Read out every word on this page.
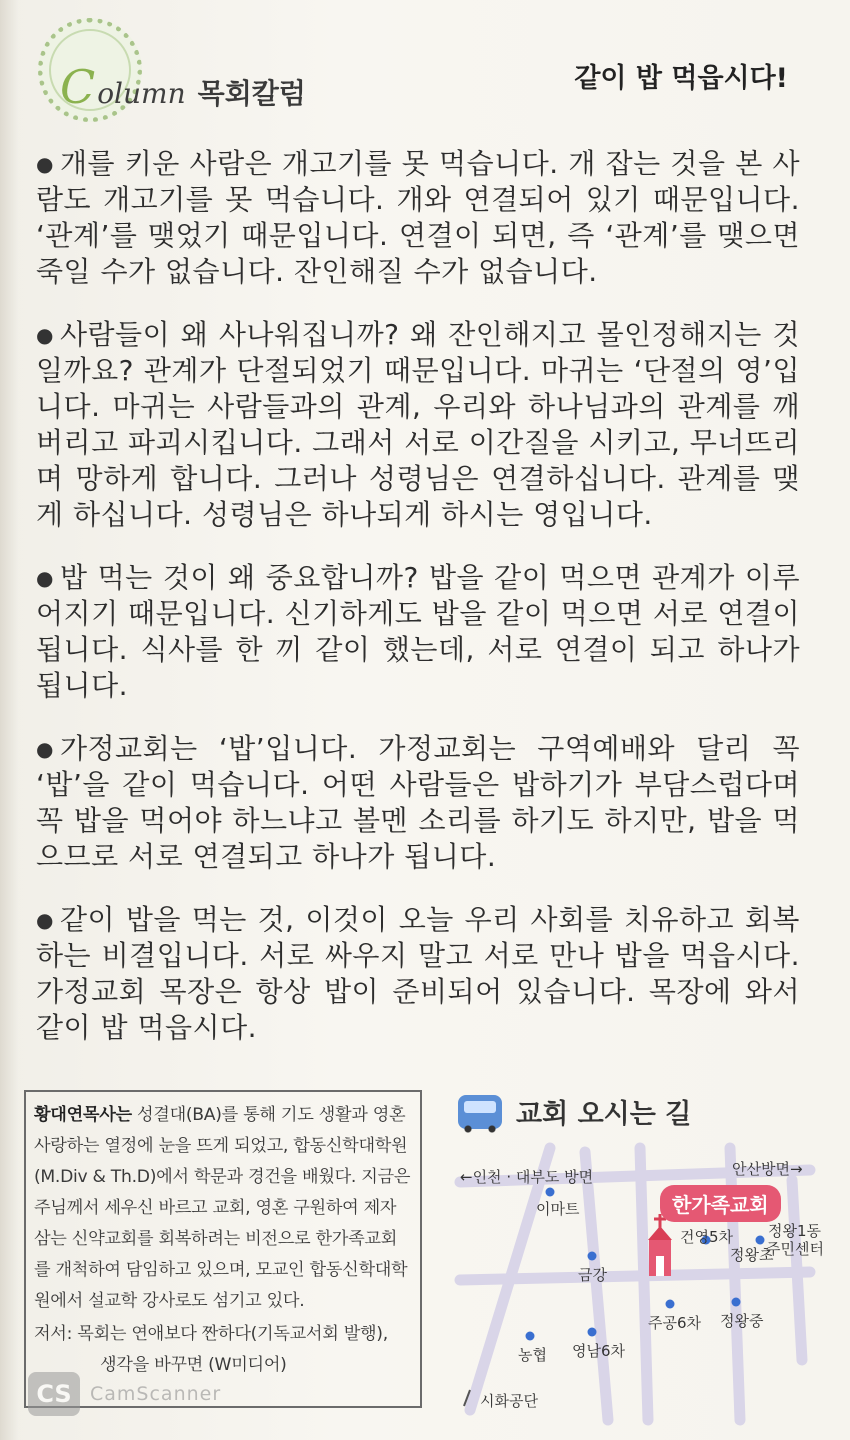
C olumn 목회칼럼	같이 밥 먹읍시다!

● 개를 키운 사람은 개고기를 못 먹습니다. 개 잡는 것을 본 사람도 개고기를 못 먹습니다. 개와 연결되어 있기 때문입니다. ‘관계’를 맺었기 때문입니다. 연결이 되면, 즉 ‘관계’를 맺으면 죽일 수가 없습니다. 잔인해질 수가 없습니다.

● 사람들이 왜 사나워집니까? 왜 잔인해지고 몰인정해지는 것일까요? 관계가 단절되었기 때문입니다. 마귀는 ‘단절의 영’입니다. 마귀는 사람들과의 관계, 우리와 하나님과의 관계를 깨버리고 파괴시킵니다. 그래서 서로 이간질을 시키고, 무너뜨리며 망하게 합니다. 그러나 성령님은 연결하십니다. 관계를 맺게 하십니다. 성령님은 하나되게 하시는 영입니다.

● 밥 먹는 것이 왜 중요합니까? 밥을 같이 먹으면 관계가 이루어지기 때문입니다. 신기하게도 밥을 같이 먹으면 서로 연결이 됩니다. 식사를 한 끼 같이 했는데, 서로 연결이 되고 하나가 됩니다.

● 가정교회는 ‘밥’입니다. 가정교회는 구역예배와 달리 꼭 ‘밥’을 같이 먹습니다. 어떤 사람들은 밥하기가 부담스럽다며 꼭 밥을 먹어야 하느냐고 볼멘 소리를 하기도 하지만, 밥을 먹으므로 서로 연결되고 하나가 됩니다.

● 같이 밥을 먹는 것, 이것이 오늘 우리 사회를 치유하고 회복하는 비결입니다. 서로 싸우지 말고 서로 만나 밥을 먹읍시다. 가정교회 목장은 항상 밥이 준비되어 있습니다. 목장에 와서 같이 밥 먹읍시다.

황대연목사는 성결대(BA)를 통해 기도 생활과 영혼 사랑하는 열정에 눈을 뜨게 되었고, 합동신학대학원(M.Div & Th.D)에서 학문과 경건을 배웠다. 지금은 주님께서 세우신 바르고 교회, 영혼 구원하여 제자 삼는 신약교회를 회복하려는 비전으로 한가족교회를 개척하여 담임하고 있으며, 모교인 합동신학대학원에서 설교학 강사로도 섬기고 있다.
저서: 목회는 연애보다 짠하다(기독교서회 발행),
생각을 바꾸면 (W미디어)
CS CamScanner
교회 오시는 길
한가족교회
←인천 · 대부도 방면	안산방면→
이마트
건영5차
정왕초
정왕1동
주민센터
금강
주공6차 정왕중
농협 영남6차
시화공단
